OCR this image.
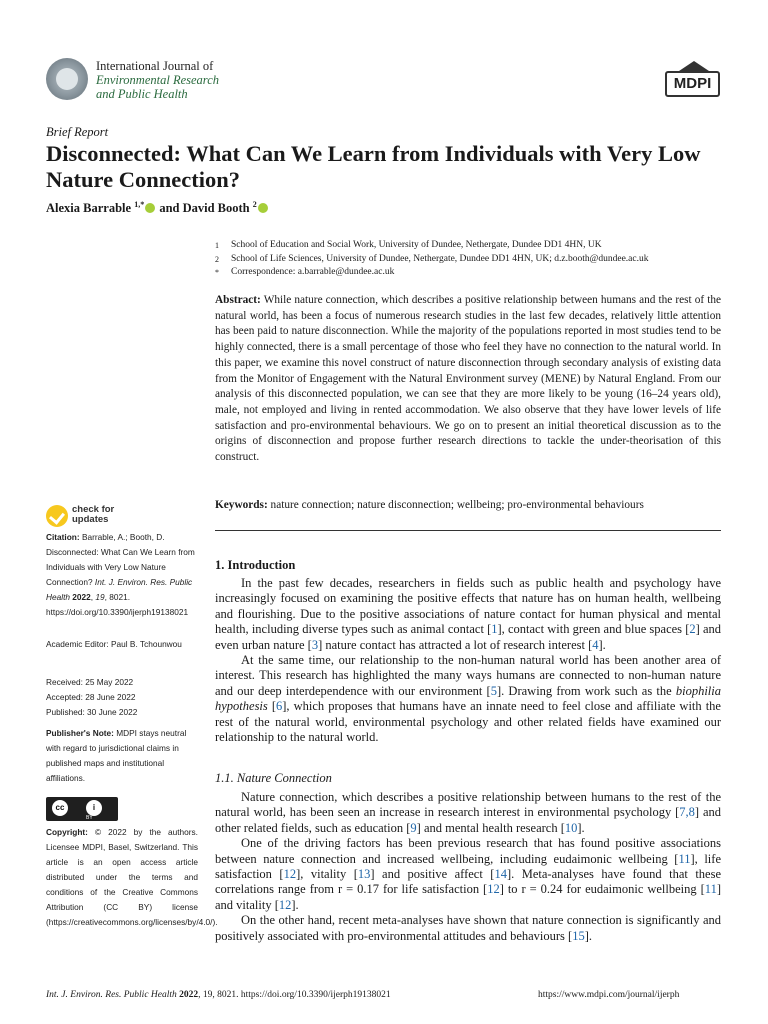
International Journal of
Environmental Research
and Public Health
MDPI
Brief Report
Disconnected: What Can We Learn from Individuals with Very Low Nature Connection?
Alexia Barrable $^{1,*}$ and David Booth $^2$
1 School of Education and Social Work, University of Dundee, Nethergate, Dundee DD1 4HN, UK
2 School of Life Sciences, University of Dundee, Nethergate, Dundee DD1 4HN, UK; d.z.booth@dundee.ac.uk
* Correspondence: a.barrable@dundee.ac.uk
Abstract: While nature connection, which describes a positive relationship between humans and the rest of the natural world, has been a focus of numerous research studies in the last few decades, relatively little attention has been paid to nature disconnection. While the majority of the populations reported in most studies tend to be highly connected, there is a small percentage of those who feel they have no connection to the natural world. In this paper, we examine this novel construct of nature disconnection through secondary analysis of existing data from the Monitor of Engagement with the Natural Environment survey (MENE) by Natural England. From our analysis of this disconnected population, we can see that they are more likely to be young (16–24 years old), male, not employed and living in rented accommodation. We also observe that they have lower levels of life satisfaction and pro-environmental behaviours. We go on to present an initial theoretical discussion as to the origins of disconnection and propose further research directions to tackle the under-theorisation of this construct.
Keywords: nature connection; nature disconnection; wellbeing; pro-environmental behaviours
check for
updates
Citation: Barrable, A.; Booth, D. Disconnected: What Can We Learn from Individuals with Very Low Nature Connection? Int. J. Environ. Res. Public Health 2022, 19, 8021. https://doi.org/10.3390/ijerph19138021
Academic Editor: Paul B. Tchounwou
Received: 25 May 2022
Accepted: 28 June 2022
Published: 30 June 2022
Publisher's Note: MDPI stays neutral with regard to jurisdictional claims in published maps and institutional affiliations.
cc	i
BY
Copyright: © 2022 by the authors. Licensee MDPI, Basel, Switzerland. This article is an open access article distributed under the terms and conditions of the Creative Commons Attribution (CC BY) license (https://creativecommons.org/licenses/by/4.0/).
1. Introduction

In the past few decades, researchers in fields such as public health and psychology have increasingly focused on examining the positive effects that nature has on human health, wellbeing and flourishing. Due to the positive associations of nature contact for human physical and mental health, including diverse types such as animal contact [1], contact with green and blue spaces [2] and even urban nature [3] nature contact has attracted a lot of research interest [4].

At the same time, our relationship to the non-human natural world has been another area of interest. This research has highlighted the many ways humans are connected to non-human nature and our deep interdependence with our environment [5]. Drawing from work such as the biophilia hypothesis [6], which proposes that humans have an innate need to feel close and affiliate with the rest of the natural world, environmental psychology and other related fields have examined our relationship to the natural world.

1.1. Nature Connection

Nature connection, which describes a positive relationship between humans to the rest of the natural world, has been seen an increase in research interest in environmental psychology [7,8] and other related fields, such as education [9] and mental health research [10].

One of the driving factors has been previous research that has found positive associations between nature connection and increased wellbeing, including eudaimonic wellbeing [11], life satisfaction [12], vitality [13] and positive affect [14]. Meta-analyses have found that these correlations range from r = 0.17 for life satisfaction [12] to r = 0.24 for eudaimonic wellbeing [11] and vitality [12].

On the other hand, recent meta-analyses have shown that nature connection is significantly and positively associated with pro-environmental attitudes and behaviours [15].

Int. J. Environ. Res. Public Health 2022, 19, 8021. https://doi.org/10.3390/ijerph19138021	https://www.mdpi.com/journal/ijerph
